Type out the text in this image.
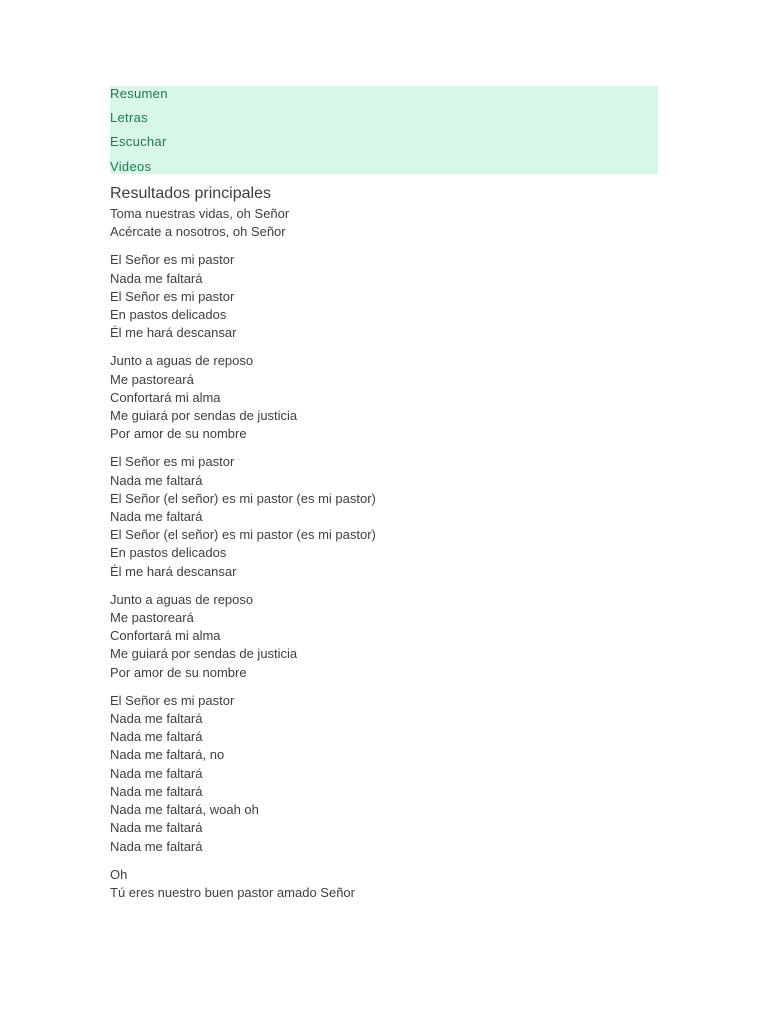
Resumen
Letras
Escuchar
Videos
Resultados principales
Toma nuestras vidas, oh Señor
Acércate a nosotros, oh Señor
El Señor es mi pastor
Nada me faltará
El Señor es mi pastor
En pastos delicados
Él me hará descansar
Junto a aguas de reposo
Me pastoreará
Confortará mi alma
Me guiará por sendas de justicia
Por amor de su nombre
El Señor es mi pastor
Nada me faltará
El Señor (el señor) es mi pastor (es mi pastor)
Nada me faltará
El Señor (el señor) es mi pastor (es mi pastor)
En pastos delicados
Él me hará descansar
Junto a aguas de reposo
Me pastoreará
Confortará mi alma
Me guiará por sendas de justicia
Por amor de su nombre
El Señor es mi pastor
Nada me faltará
Nada me faltará
Nada me faltará, no
Nada me faltará
Nada me faltará
Nada me faltará, woah oh
Nada me faltará
Nada me faltará
Oh
Tú eres nuestro buen pastor amado Señor
